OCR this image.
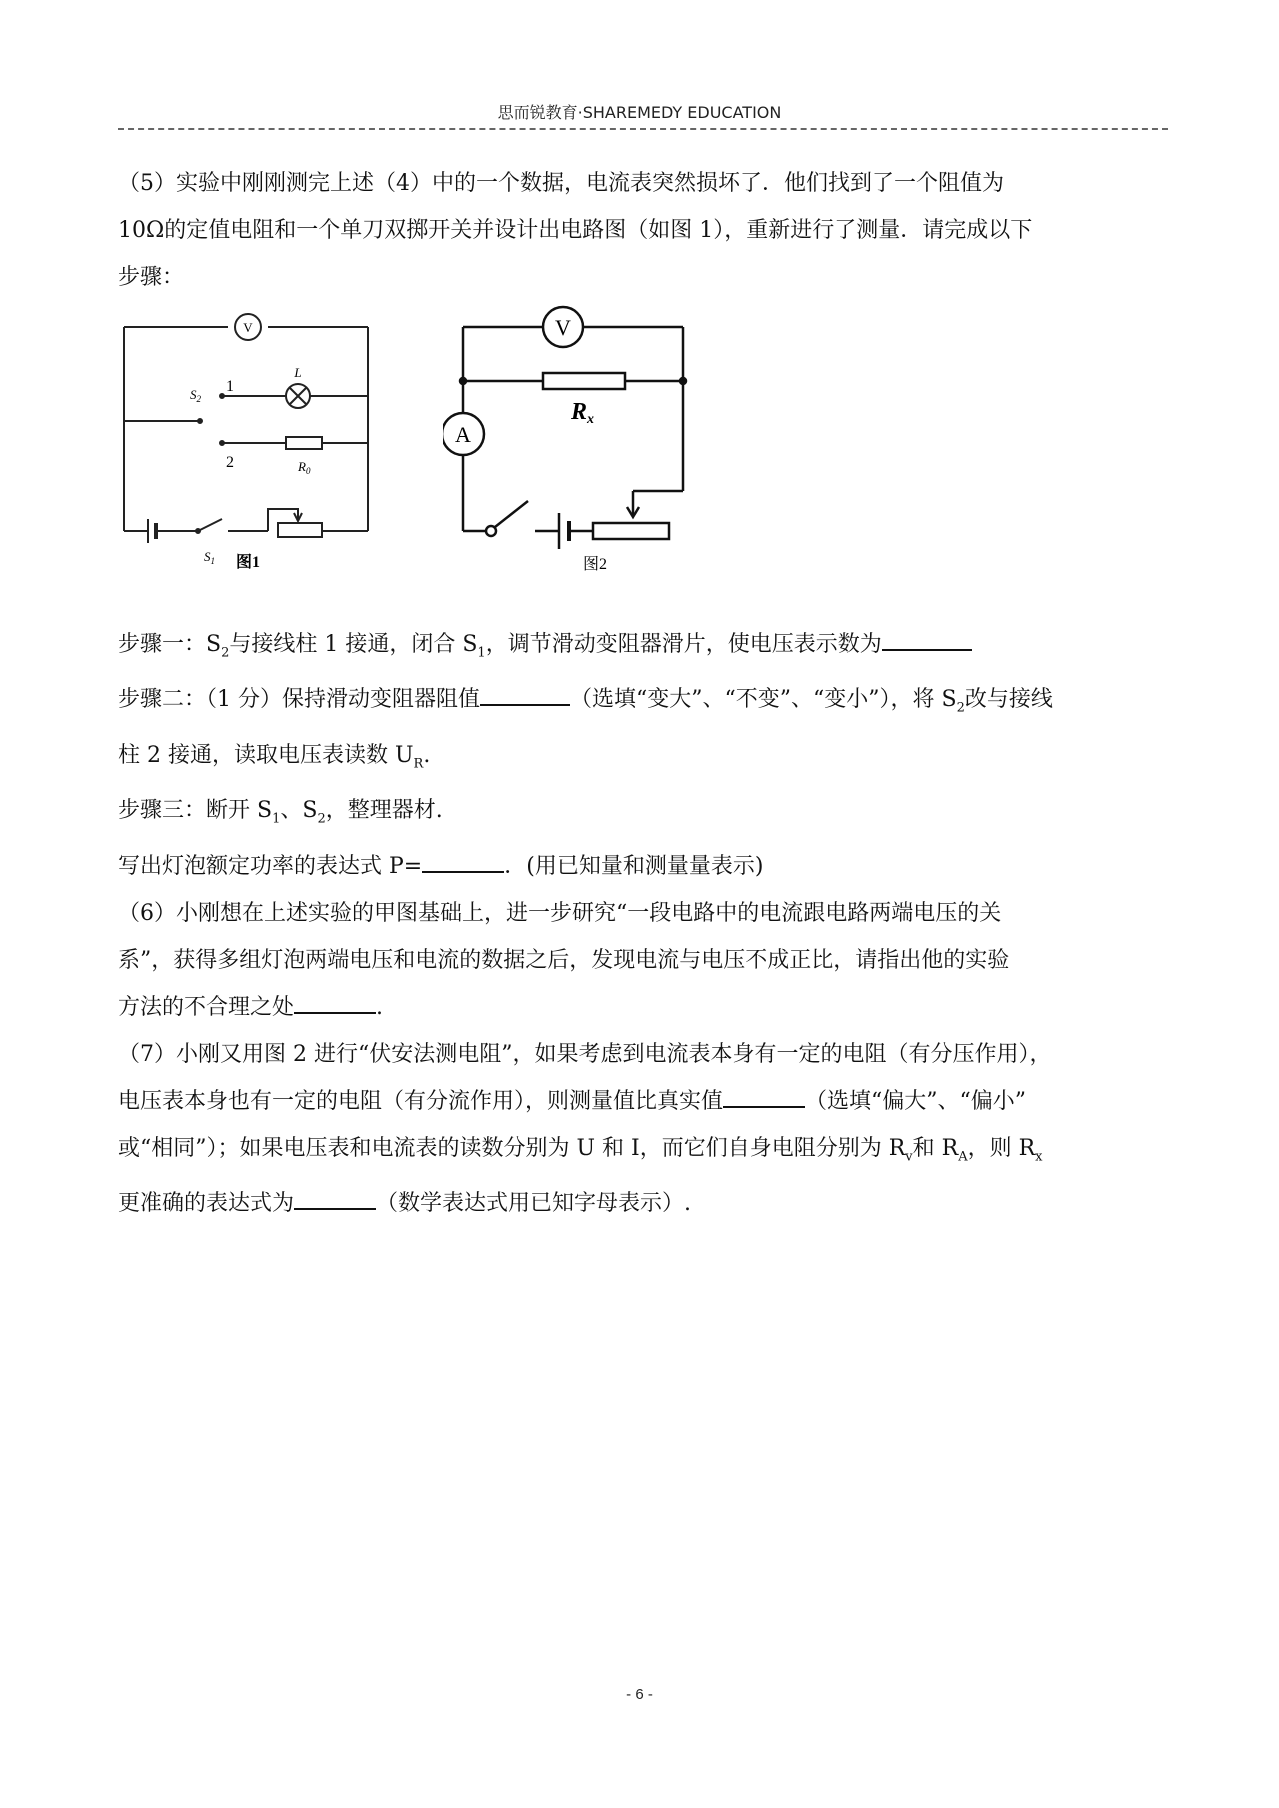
思而锐教育·SHAREMEDY EDUCATION

（5）实验中刚刚测完上述（4）中的一个数据，电流表突然损坏了．他们找到了一个阻值为

10Ω的定值电阻和一个单刀双掷开关并设计出电路图（如图 1），重新进行了测量．请完成以下

步骤：

V
L
$S_2$
1
2	$R_0$
$S_1$ 图1
V
A
Rx
图2

步骤一：$S_2$与接线柱 1 接通，闭合 $S_1$，调节滑动变阻器滑片，使电压表示数为

步骤二：（1 分）保持滑动变阻器阻值	（选填“变大”、“不变”、“变小”），将 $S_2$改与接线

柱 2 接通，读取电压表读数 $U_R$.

步骤三：断开 $S_1$、$S_2$，整理器材.

写出灯泡额定功率的表达式 P=	．(用已知量和测量量表示)

（6）小刚想在上述实验的甲图基础上，进一步研究“一段电路中的电流跟电路两端电压的关

系”，获得多组灯泡两端电压和电流的数据之后，发现电流与电压不成正比，请指出他的实验

方法的不合理之处	.

（7）小刚又用图 2 进行“伏安法测电阻”，如果考虑到电流表本身有一定的电阻（有分压作用），

电压表本身也有一定的电阻（有分流作用），则测量值比真实值	（选填“偏大”、“偏小”

或“相同”）；如果电压表和电流表的读数分别为 U 和 I，而它们自身电阻分别为 $R_v$和 $R_A$，则 $R_x$

更准确的表达式为	（数学表达式用已知字母表示）.

- 6 -
